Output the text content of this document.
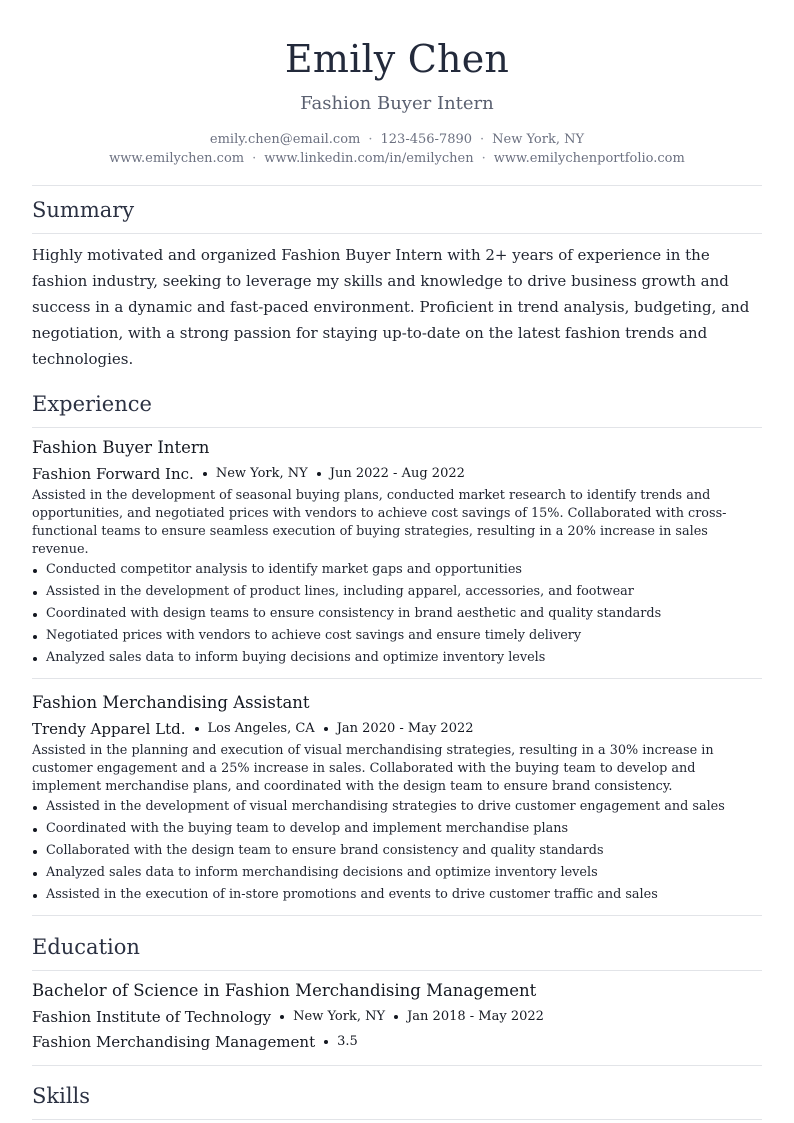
Emily Chen
Fashion Buyer Intern
emily.chen@email.com · 123-456-7890 · New York, NY
www.emilychen.com · www.linkedin.com/in/emilychen · www.emilychenportfolio.com
Summary

Highly motivated and organized Fashion Buyer Intern with 2+ years of experience in the fashion industry, seeking to leverage my skills and knowledge to drive business growth and success in a dynamic and fast-paced environment. Proficient in trend analysis, budgeting, and negotiation, with a strong passion for staying up-to-date on the latest fashion trends and technologies.

Experience
Fashion Buyer Intern
Fashion Forward Inc. New York, NY Jun 2022 - Aug 2022

Assisted in the development of seasonal buying plans, conducted market research to identify trends and opportunities, and negotiated prices with vendors to achieve cost savings of 15%. Collaborated with cross-functional teams to ensure seamless execution of buying strategies, resulting in a 20% increase in sales revenue.

Conducted competitor analysis to identify market gaps and opportunities
Assisted in the development of product lines, including apparel, accessories, and footwear
Coordinated with design teams to ensure consistency in brand aesthetic and quality standards
Negotiated prices with vendors to achieve cost savings and ensure timely delivery
Analyzed sales data to inform buying decisions and optimize inventory levels
Fashion Merchandising Assistant
Trendy Apparel Ltd. Los Angeles, CA Jan 2020 - May 2022

Assisted in the planning and execution of visual merchandising strategies, resulting in a 30% increase in customer engagement and a 25% increase in sales. Collaborated with the buying team to develop and implement merchandise plans, and coordinated with the design team to ensure brand consistency.

Assisted in the development of visual merchandising strategies to drive customer engagement and sales
Coordinated with the buying team to develop and implement merchandise plans
Collaborated with the design team to ensure brand consistency and quality standards
Analyzed sales data to inform merchandising decisions and optimize inventory levels
Assisted in the execution of in-store promotions and events to drive customer traffic and sales
Education
Bachelor of Science in Fashion Merchandising Management
Fashion Institute of Technology New York, NY Jan 2018 - May 2022
Fashion Merchandising Management 3.5
Skills
